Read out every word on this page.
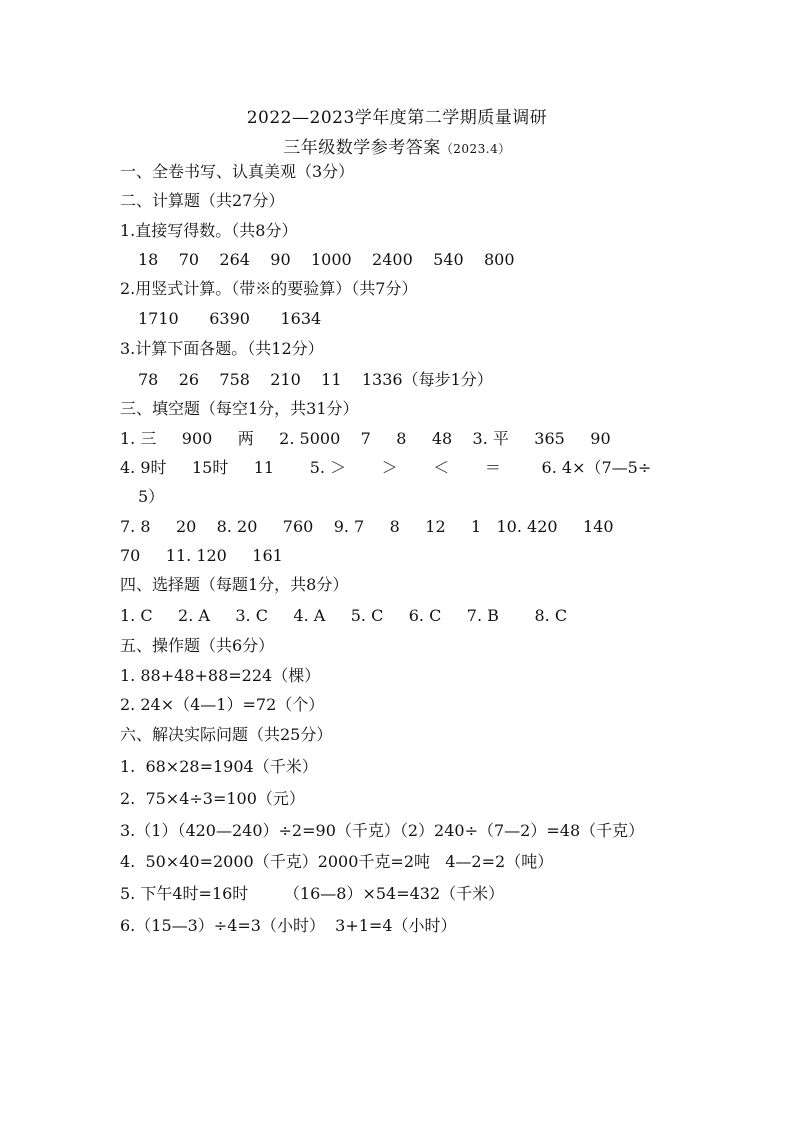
2022—2023学年度第二学期质量调研
三年级数学参考答案（2023.4）
一、全卷书写、认真美观（3分）
二、计算题（共27分）
1.直接写得数。（共8分）
18    70    264    90    1000    2400    540    800
2.用竖式计算。（带※的要验算）（共7分）
1710      6390      1634
3.计算下面各题。（共12分）
78    26    758    210    11    1336（每步1分）
三、填空题（每空1分，共31分）
1. 三     900     两     2. 5000    7     8     48    3. 平     365     90
4. 9时     15时     11       5. ＞       ＞       ＜       ＝        6. 4×（7—5÷
5）
7. 8     20    8. 20     760    9. 7     8     12     1   10. 420     140
70     11. 120     161
四、选择题（每题1分，共8分）
1. C     2. A     3. C     4. A     5. C     6. C     7. B       8. C
五、操作题（共6分）
1. 88+48+88=224（棵）
2. 24×（4—1）=72（个）
六、解决实际问题（共25分）
1.  68×28=1904（千米）
2.  75×4÷3=100（元）
3.（1）（420—240）÷2=90（千克）（2）240÷（7—2）=48（千克）
4.  50×40=2000（千克）2000千克=2吨   4—2=2（吨）
5. 下午4时=16时       （16—8）×54=432（千米）
6.（15—3）÷4=3（小时）  3+1=4（小时）
